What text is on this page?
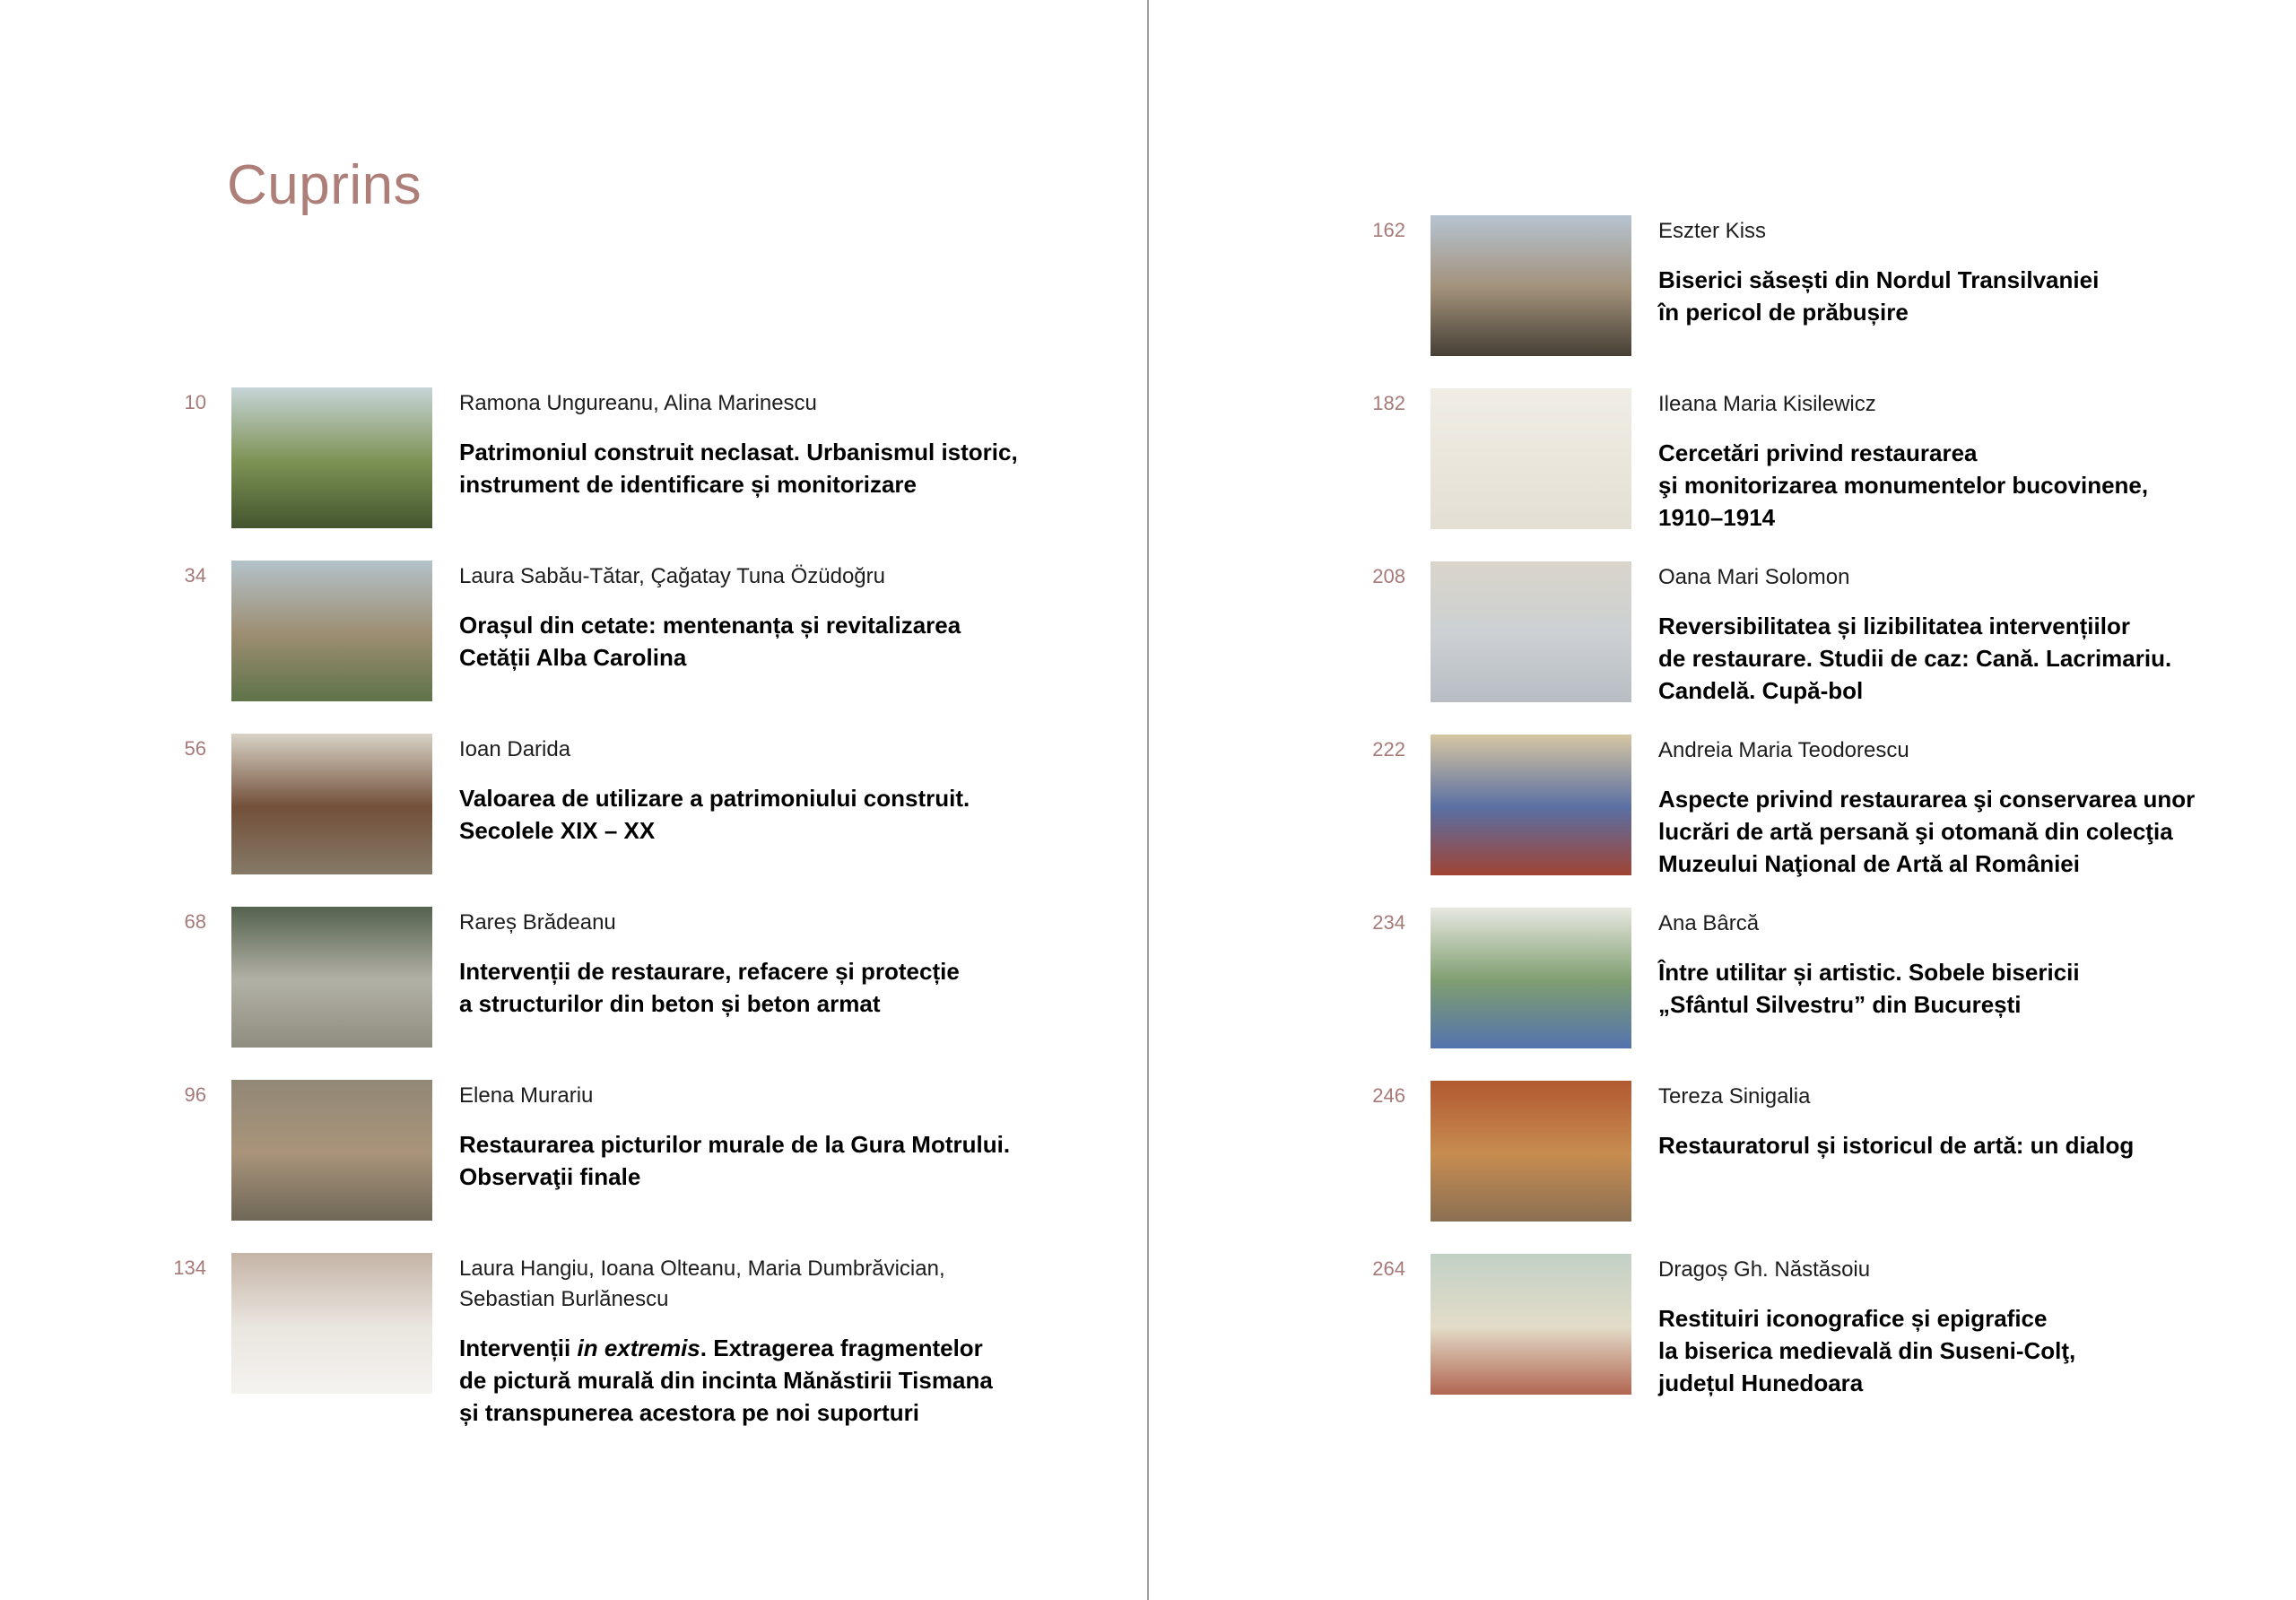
Cuprins
10	Ramona Ungureanu, Alina Marinescu
Patrimoniul construit neclasat. Urbanismul istoric,
instrument de identificare și monitorizare
34	Laura Sabău-Tătar, Çağatay Tuna Özüdoğru
Orașul din cetate: mentenanța și revitalizarea
Cetății Alba Carolina
56	Ioan Darida
Valoarea de utilizare a patrimoniului construit.
Secolele XIX – XX
68	Rareș Brădeanu
Intervenții de restaurare, refacere și protecție
a structurilor din beton și beton armat
96	Elena Murariu
Restaurarea picturilor murale de la Gura Motrului.
Observaţii finale
134	Laura Hangiu, Ioana Olteanu, Maria Dumbrăvician,
Sebastian Burlănescu
Intervenții in extremis. Extragerea fragmentelor
de pictură murală din incinta Mănăstirii Tismana
și transpunerea acestora pe noi suporturi
162	Eszter Kiss
Biserici săsești din Nordul Transilvaniei
în pericol de prăbușire
182	Ileana Maria Kisilewicz
Cercetări privind restaurarea
şi monitorizarea monumentelor bucovinene,
1910–1914
208	Oana Mari Solomon
Reversibilitatea și lizibilitatea intervențiilor
de restaurare. Studii de caz: Cană. Lacrimariu.
Candelă. Cupă-bol
222	Andreia Maria Teodorescu
Aspecte privind restaurarea şi conservarea unor
lucrări de artă persană şi otomană din colecţia
Muzeului Naţional de Artă al României
234	Ana Bârcă
Între utilitar și artistic. Sobele bisericii
„Sfântul Silvestru” din București
246	Tereza Sinigalia
Restauratorul și istoricul de artă: un dialog
264	Dragoș Gh. Năstăsoiu
Restituiri iconografice și epigrafice
la biserica medievală din Suseni-Colţ,
județul Hunedoara
